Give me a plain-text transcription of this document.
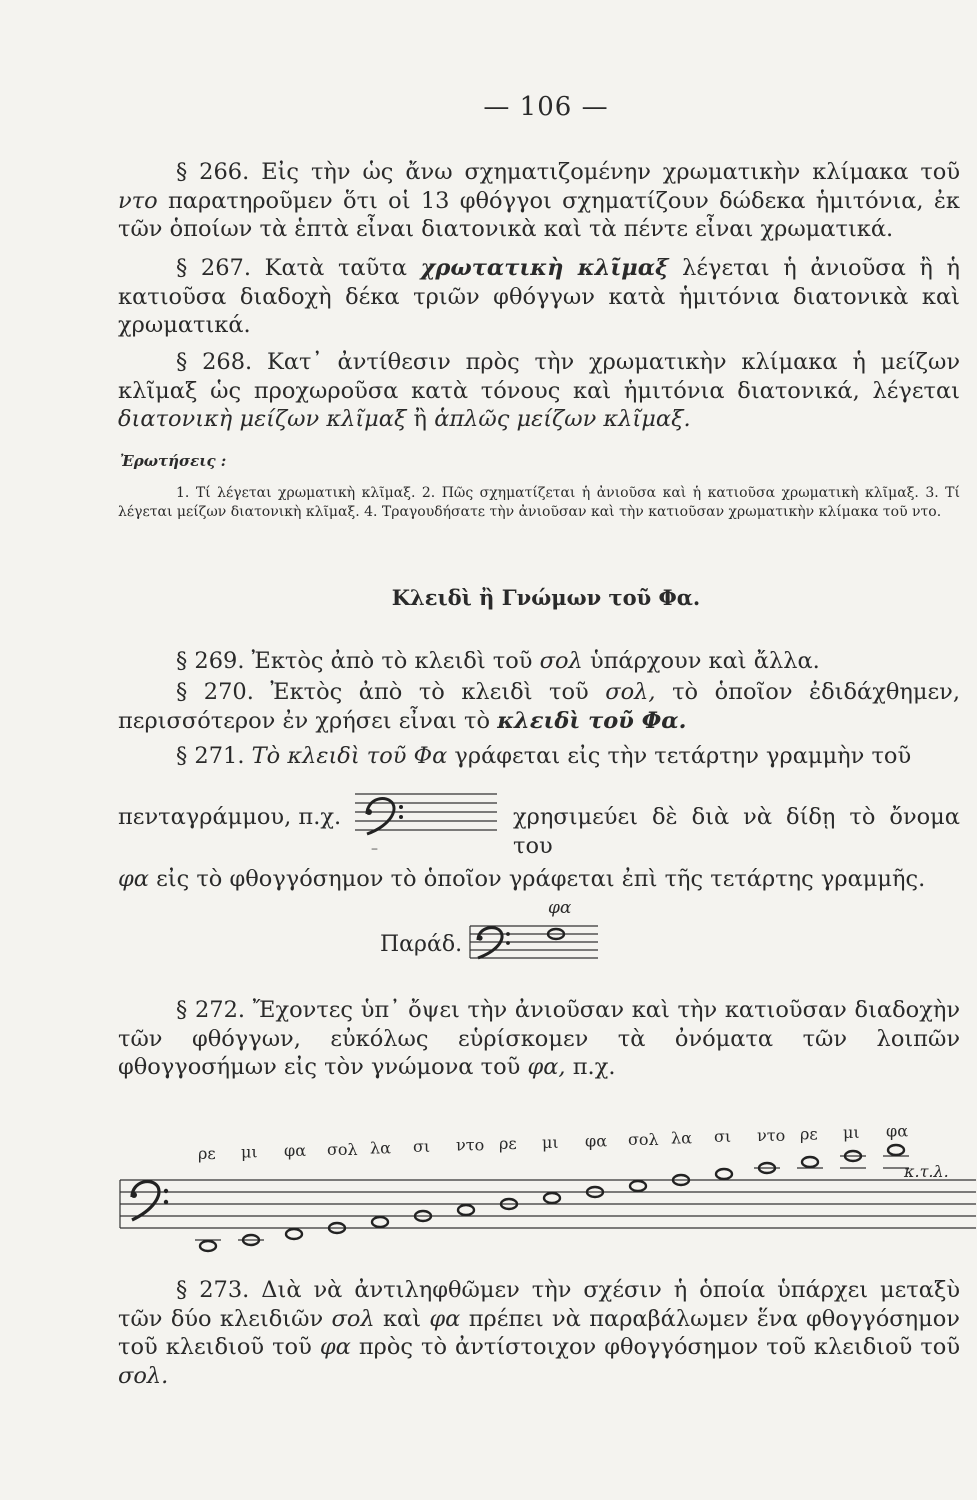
— 106 —
§ 266. Εἰς τὴν ὡς ἄνω σχηματιζομένην χρωματικὴν κλίμακα τοῦ ντο παρατηροῦμεν ὅτι οἱ 13 φθόγγοι σχηματίζουν δώδεκα ἡμιτόνια, ἐκ τῶν ὁποίων τὰ ἑπτὰ εἶναι διατονικὰ καὶ τὰ πέντε εἶναι χρωματικά.
§ 267. Κατὰ ταῦτα χρωτατικὴ κλῖμαξ λέγεται ἡ ἀνιοῦσα ἢ ἡ κατιοῦσα διαδοχὴ δέκα τριῶν φθόγγων κατὰ ἡμιτόνια διατονικὰ καὶ χρωματικά.
§ 268. Κατ᾿ ἀντίθεσιν πρὸς τὴν χρωματικὴν κλίμακα ἡ μείζων κλῖμαξ ὡς προχωροῦσα κατὰ τόνους καὶ ἡμιτόνια διατονικά, λέγεται διατονικὴ μείζων κλῖμαξ ἢ ἁπλῶς μείζων κλῖμαξ.
Ἐρωτήσεις :
1. Τί λέγεται χρωματικὴ κλῖμαξ. 2. Πῶς σχηματίζεται ἡ ἀνιοῦσα καὶ ἡ κατιοῦσα χρωματικὴ κλῖμαξ. 3. Τί λέγεται μείζων διατονικὴ κλῖμαξ. 4. Τραγουδήσατε τὴν ἀνιοῦσαν καὶ τὴν κατιοῦσαν χρωματικὴν κλίμακα τοῦ ντο.
Κλειδὶ ἢ Γνώμων τοῦ Φα.
§ 269. Ἐκτὸς ἀπὸ τὸ κλειδὶ τοῦ σολ ὑπάρχουν καὶ ἄλλα.
§ 270. Ἐκτὸς ἀπὸ τὸ κλειδὶ τοῦ σολ, τὸ ὁποῖον ἐδιδάχθημεν, περισσότερον ἐν χρήσει εἶναι τὸ κλειδὶ τοῦ Φα.
§ 271. Τὸ κλειδὶ τοῦ Φα γράφεται εἰς τὴν τετάρτην γραμμὴν τοῦ
πενταγράμμου, π.χ.
–
χρησιμεύει δὲ διὰ νὰ δίδῃ τὸ ὄνομα του
φα εἰς τὸ φθογγόσημον τὸ ὁποῖον γράφεται ἐπὶ τῆς τετάρτης γραμμῆς.
φα
Παράδ.
§ 272. Ἔχοντες ὑπ᾿ ὄψει τὴν ἀνιοῦσαν καὶ τὴν κατιοῦσαν διαδοχὴν τῶν φθόγγων, εὐκόλως εὑρίσκομεν τὰ ὀνόματα τῶν λοιπῶν φθογγοσήμων εἰς τὸν γνώμονα τοῦ φα, π.χ.
ρε μι φα σολ λα σι ντο ρε μι φα σολ λα σι ντο ρε μι φα
κ.τ.λ.
§ 273. Διὰ νὰ ἀντιληφθῶμεν τὴν σχέσιν ἡ ὁποία ὑπάρχει μεταξὺ τῶν δύο κλειδιῶν σολ καὶ φα πρέπει νὰ παραβάλωμεν ἕνα φθογγόσημον τοῦ κλειδιοῦ τοῦ φα πρὸς τὸ ἀντίστοιχον φθογγόσημον τοῦ κλειδιοῦ τοῦ σολ.
